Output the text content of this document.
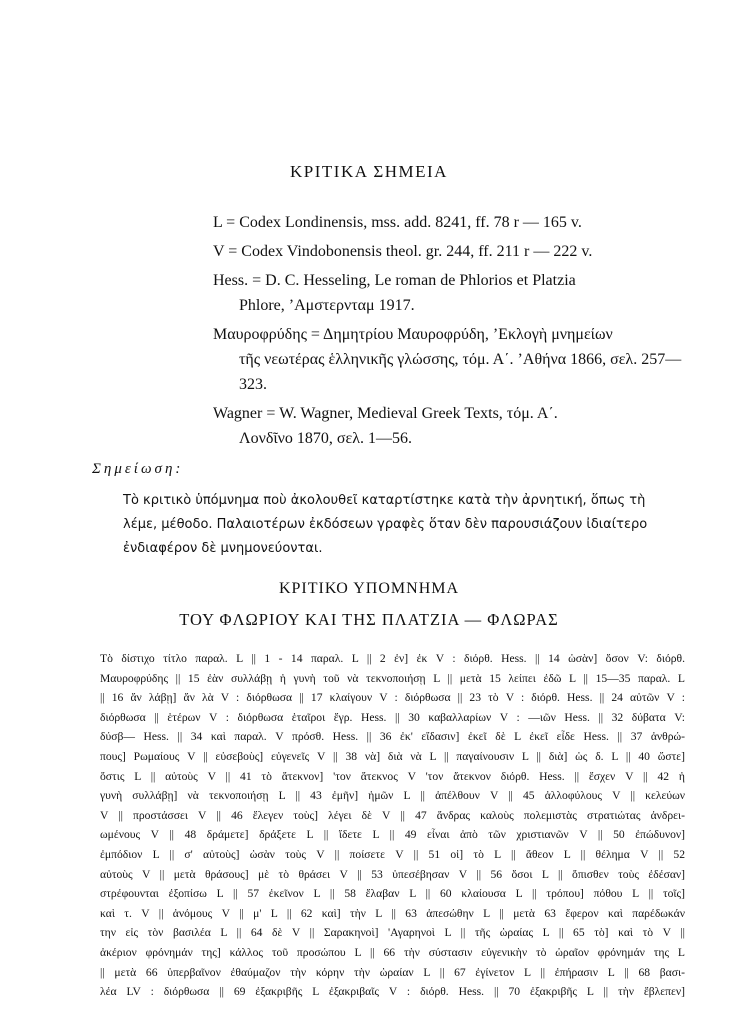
ΚΡΙΤΙΚΑ ΣΗΜΕΙΑ
L = Codex Londinensis, mss. add. 8241, ff. 78 r — 165 v.
V = Codex Vindobonensis theol. gr. 244, ff. 211 r — 222 v.
Hess. = D. C. Hesseling, Le roman de Phlorios et Platzia
Phlore, ’Αμστερνταμ 1917.
Μαυροφρύδης = Δημητρίου Μαυροφρύδη, ’Εκλογὴ μνημείων
τῆς νεωτέρας ἑλληνικῆς γλώσσης, τόμ. Α΄. ’Αθήνα 1866, σελ. 257—323.
Wagner = W. Wagner, Medieval Greek Texts, τόμ. Α΄.
Λονδῖνο 1870, σελ. 1—56.
Σημείωση:
Τὸ κριτικὸ ὑπόμνημα ποὺ ἀκολουθεῖ καταρτίστηκε κατὰ τὴν ἀρνητική, ὅπως τὴ λέμε, μέθοδο. Παλαιοτέρων ἐκδόσεων γραφὲς ὅταν δὲν παρουσιάζουν ἰδιαίτερο ἐνδιαφέρον δὲ μνημονεύονται.
ΚΡΙΤΙΚΟ ΥΠΟΜΝΗΜΑ
ΤΟΥ ΦΛΩΡΙΟΥ ΚΑΙ ΤΗΣ ΠΛΑΤΖΙΑ — ΦΛΩΡΑΣ
Τὸ δίστιχο τίτλο παραλ. L || 1 - 14 παραλ. L || 2 ἐν] ἐκ V : διόρθ. Hess. || 14 ὡσὰν] ὅσον V: διόρθ.
Μαυροφρύδης || 15 ἐὰν συλλάβῃ ἡ γυνὴ τοῦ νὰ τεκνοποιήσῃ L || μετὰ 15 λείπει ἐδῶ L || 15—35 παραλ. L
|| 16 ἄν λάβῃ] ἄν λὰ V : διόρθωσα || 17 κλαίγουν V : διόρθωσα || 23 τὸ V : διόρθ. Hess. || 24 αὐτῶν V :
διόρθωσα || ἑτέρων V : διόρθωσα ἑταῖροι ἔγρ. Hess. || 30 καβαλλαρίων V : —ιῶν Hess. || 32 δύβατα V:
δύσβ— Hess. || 34 καὶ παραλ. V πρόσθ. Hess. || 36 ἐκ' εἴδασιν] ἐκεῖ δὲ L ἐκεῖ εἶδε Hess. || 37 ἀνθρώ-
πους] Ρωμαίους V || εὐσεβοὺς] εὐγενεῖς V || 38 νὰ] διὰ νὰ L || παγαίνουσιν L || διὰ] ὡς δ. L || 40 ὥστε]
ὅστις L || αὐτοὺς V || 41 τὸ ἄτεκνον] 'τον ἄτεκνος V 'τον ἄτεκνον διόρθ. Hess. || ἔσχεν V || 42 ἡ
γυνὴ συλλάβῃ] νὰ τεκνοποιήσῃ L || 43 ἐμῆν] ἡμῶν L || ἀπέλθουν V || 45 ἀλλοφύλους V || κελεύων
V || προστάσσει V || 46 ἔλεγεν τοὺς] λέγει δὲ V || 47 ἄνδρας καλοὺς πολεμιστὰς στρατιώτας ἀνδρει-
ωμένους V || 48 δράμετε] δράξετε L || ἴδετε L || 49 εἶναι ἀπὸ τῶν χριστιανῶν V || 50 ἐπώδυνον]
ἐμπόδιον L || σ' αὐτοὺς] ὡσὰν τοὺς V || ποίσετε V || 51 οἱ] τὸ L || ἄθεον L || θέλημα V || 52
αὐτοὺς V || μετὰ θράσους] μὲ τὸ θράσει V || 53 ὑπεσέβησαν V || 56 ὅσοι L || ὄπισθεν τοὺς ἐδέσαν]
στρέφουνται ἐξοπίσω L || 57 ἐκεῖνον L || 58 ἔλαβαν L || 60 κλαίουσα L || τρόπου] πόθου L || τοῖς]
καὶ τ. V || ἀνόμους V || μ' L || 62 καὶ] τὴν L || 63 ἀπεσώθην L || μετὰ 63 ἔφερον καὶ παρέδωκάν
την εἰς τὸν βασιλέα L || 64 δὲ V || Σαρακηνοὶ] 'Αγαρηνοὶ L || τῆς ὡραίας L || 65 τὸ] καὶ τὸ V ||
ἀκέριον φρόνημάν της] κάλλος τοῦ προσώπου L || 66 τὴν σύστασιν εὐγενικὴν τὸ ὡραῖον φρόνημάν της L
|| μετὰ 66 ὑπερβαῖνον ἐθαύμαζον τὴν κόρην τὴν ὡραίαν L || 67 ἐγίνετον L || ἐπήρασιν L || 68 βασι-
λέα LV : διόρθωσα || 69 ἐξακριβῆς L ἐξακριβαῖς V : διόρθ. Hess. || 70 ἐξακριβῆς L || τὴν ἔβλεπεν]
